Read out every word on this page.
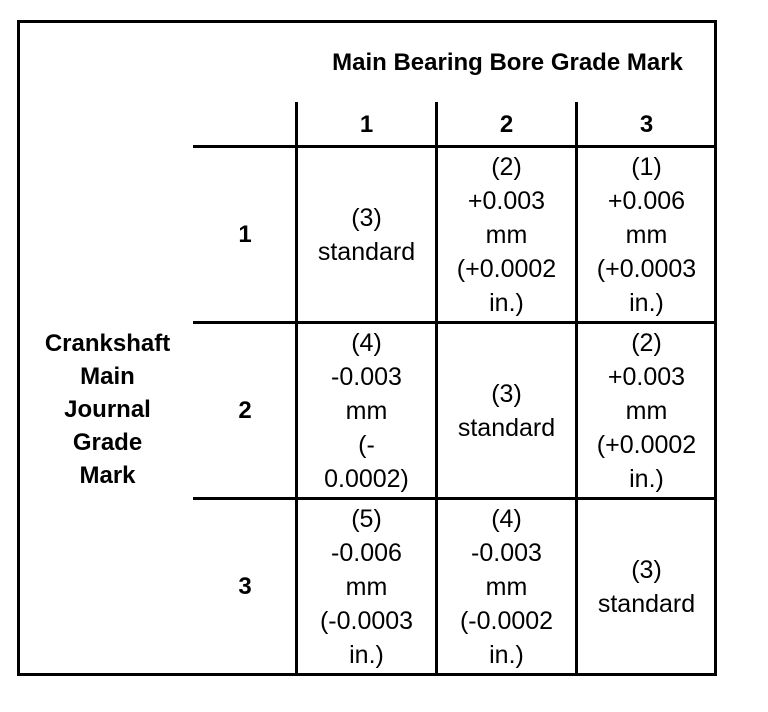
Main Bearing Bore Grade Mark
1	2	3
Crankshaft
Main
Journal
Grade
Mark
1
2
3
(3)
standard
(2)
+0.003
mm
(+0.0002
in.)
(1)
+0.006
mm
(+0.0003
in.)
(4)
-0.003
mm
(-
0.0002)
(3)
standard
(2)
+0.003
mm
(+0.0002
in.)
(5)
-0.006
mm
(-0.0003
in.)
(4)
-0.003
mm
(-0.0002
in.)
(3)
standard
